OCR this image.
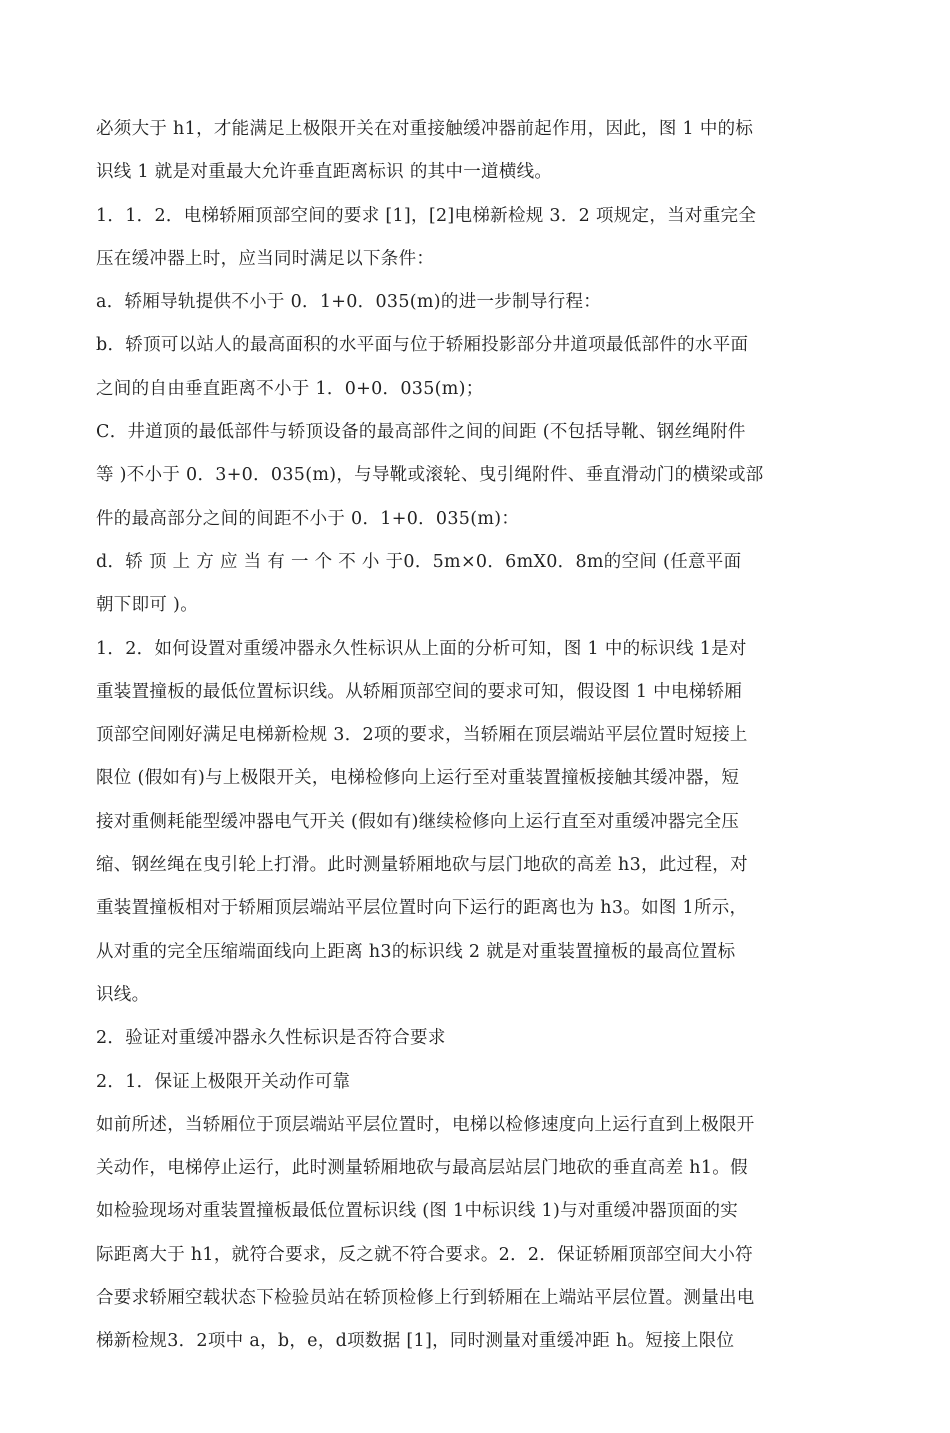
必须大于 h1，才能满足上极限开关在对重接触缓冲器前起作用，因此，图 1 中的标
识线 1 就是对重最大允许垂直距离标识 的其中一道横线。
1．1．2．电梯轿厢顶部空间的要求 [1]，[2]电梯新检规 3．2 项规定，当对重完全
压在缓冲器上时，应当同时满足以下条件：
a．轿厢导轨提供不小于 0．1+0．035(m)的进一步制导行程：
b．轿顶可以站人的最高面积的水平面与位于轿厢投影部分井道项最低部件的水平面
之间的自由垂直距离不小于 1．0+0．035(m)；
C．井道顶的最低部件与轿顶设备的最高部件之间的间距 (不包括导靴、钢丝绳附件
等 )不小于 0．3+0．035(m)，与导靴或滚轮、曳引绳附件、垂直滑动门的横梁或部
件的最高部分之间的间距不小于 0．1+0．035(m)：
d．轿 顶 上 方 应 当 有 一 个 不 小 于0．5m×0．6mX0．8m的空间 (任意平面
朝下即可 )。
1．2．如何设置对重缓冲器永久性标识从上面的分析可知，图 1 中的标识线 1是对
重装置撞板的最低位置标识线。从轿厢顶部空间的要求可知，假设图 1 中电梯轿厢
顶部空间刚好满足电梯新检规 3．2项的要求，当轿厢在顶层端站平层位置时短接上
限位 (假如有)与上极限开关，电梯检修向上运行至对重装置撞板接触其缓冲器，短
接对重侧耗能型缓冲器电气开关 (假如有)继续检修向上运行直至对重缓冲器完全压
缩、钢丝绳在曳引轮上打滑。此时测量轿厢地砍与层门地砍的高差 h3，此过程，对
重装置撞板相对于轿厢顶层端站平层位置时向下运行的距离也为 h3。如图 1所示，
从对重的完全压缩端面线向上距离 h3的标识线 2 就是对重装置撞板的最高位置标
识线。
2．验证对重缓冲器永久性标识是否符合要求
2．1．保证上极限开关动作可靠
如前所述，当轿厢位于顶层端站平层位置时，电梯以检修速度向上运行直到上极限开
关动作，电梯停止运行，此时测量轿厢地砍与最高层站层门地砍的垂直高差 h1。假
如检验现场对重装置撞板最低位置标识线 (图 1中标识线 1)与对重缓冲器顶面的实
际距离大于 h1，就符合要求，反之就不符合要求。2．2．保证轿厢顶部空间大小符
合要求轿厢空载状态下检验员站在轿顶检修上行到轿厢在上端站平层位置。测量出电
梯新检规3．2项中 a，b，e，d项数据 [1]，同时测量对重缓冲距 h。短接上限位
